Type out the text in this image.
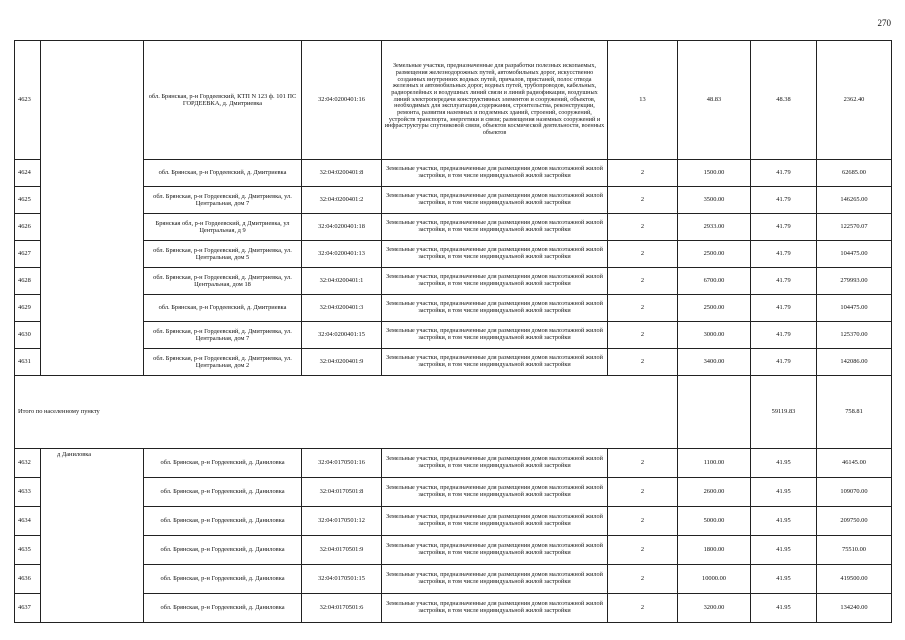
270
4623		обл. Брянская, р-н Гордеевский, КТП N 123 ф. 101 ПС ГОРДЕЕВКА, д. Дмитриевка	32:04:0200401:16	Земельные участки, предназначенные для разработки полезных ископаемых, размещения железнодорожных путей, автомобильных дорог, искусственно созданных внутренних водных путей, причалов, пристаней, полос отвода железных и автомобильных дорог, водных путей, трубопроводов, кабельных, радиорелейных и воздушных линий связи и линий радиофикации, воздушных линий электропередачи конструктивных элементов и сооружений, объектов, необходимых для эксплуатации,содержания, строительства, реконструкции, ремонта, развития наземных и подземных зданий, строений, сооружений, устройств транспорта, энергетики и связи; размещения наземных сооружений и инфраструктуры спутниковой связи, объектов космической деятельности, военных объектов	13	48.83	48.38	2362.40	
4624		обл. Брянская, р-н Гордеевский, д. Дмитриевка	32:04:0200401:8	Земельные участки, предназначенные для размещения домов малоэтажной жилой застройки, в том числе индивидуальной жилой застройки	2	1500.00	41.79	62685.00	
4625		обл. Брянская, р-н Гордеевский, д. Дмитриевка, ул. Центральная, дом 7	32:04:0200401:2	Земельные участки, предназначенные для размещения домов малоэтажной жилой застройки, в том числе индивидуальной жилой застройки	2	3500.00	41.79	146265.00	
4626		Брянская обл, р-н Гордеевский, д Дмитриевка, ул Центральная, д 9	32:04:0200401:18	Земельные участки, предназначенные для размещения домов малоэтажной жилой застройки, в том числе индивидуальной жилой застройки	2	2933.00	41.79	122570.07	
4627		обл. Брянская, р-н Гордеевский, д. Дмитриевка, ул. Центральная, дом 5	32:04:0200401:13	Земельные участки, предназначенные для размещения домов малоэтажной жилой застройки, в том числе индивидуальной жилой застройки	2	2500.00	41.79	104475.00	
4628		обл. Брянская, р-н Гордеевский, д. Дмитриевка, ул. Центральная, дом 18	32:04:0200401:1	Земельные участки, предназначенные для размещения домов малоэтажной жилой застройки, в том числе индивидуальной жилой застройки	2	6700.00	41.79	279993.00	
4629		обл. Брянская, р-н Гордеевский, д. Дмитриевка	32:04:0200401:3	Земельные участки, предназначенные для размещения домов малоэтажной жилой застройки, в том числе индивидуальной жилой застройки	2	2500.00	41.79	104475.00	
4630		обл. Брянская, р-н Гордеевский, д. Дмитриевка, ул. Центральная, дом 7	32:04:0200401:15	Земельные участки, предназначенные для размещения домов малоэтажной жилой застройки, в том числе индивидуальной жилой застройки	2	3000.00	41.79	125370.00	
4631		обл. Брянская, р-н Гордеевский, д. Дмитриевка, ул. Центральная, дом 2	32:04:0200401:9	Земельные участки, предназначенные для размещения домов малоэтажной жилой застройки, в том числе индивидуальной жилой застройки	2	3400.00	41.79	142086.00	
Итого по населенному пункту							59119.83	758.81	
4632	д Даниловка	обл. Брянская, р-н Гордеевский, д. Даниловка	32:04:0170501:16	Земельные участки, предназначенные для размещения домов малоэтажной жилой застройки, в том числе индивидуальной жилой застройки	2	1100.00	41.95	46145.00	
4633		обл. Брянская, р-н Гордеевский, д. Даниловка	32:04:0170501:8	Земельные участки, предназначенные для размещения домов малоэтажной жилой застройки, в том числе индивидуальной жилой застройки	2	2600.00	41.95	109070.00	
4634		обл. Брянская, р-н Гордеевский, д. Даниловка	32:04:0170501:12	Земельные участки, предназначенные для размещения домов малоэтажной жилой застройки, в том числе индивидуальной жилой застройки	2	5000.00	41.95	209750.00	
4635		обл. Брянская, р-н Гордеевский, д. Даниловка	32:04:0170501:9	Земельные участки, предназначенные для размещения домов малоэтажной жилой застройки, в том числе индивидуальной жилой застройки	2	1800.00	41.95	75510.00	
4636		обл. Брянская, р-н Гордеевский, д. Даниловка	32:04:0170501:15	Земельные участки, предназначенные для размещения домов малоэтажной жилой застройки, в том числе индивидуальной жилой застройки	2	10000.00	41.95	419500.00	
4637		обл. Брянская, р-н Гордеевский, д. Даниловка	32:04:0170501:6	Земельные участки, предназначенные для размещения домов малоэтажной жилой застройки, в том числе индивидуальной жилой застройки	2	3200.00	41.95	134240.00	
